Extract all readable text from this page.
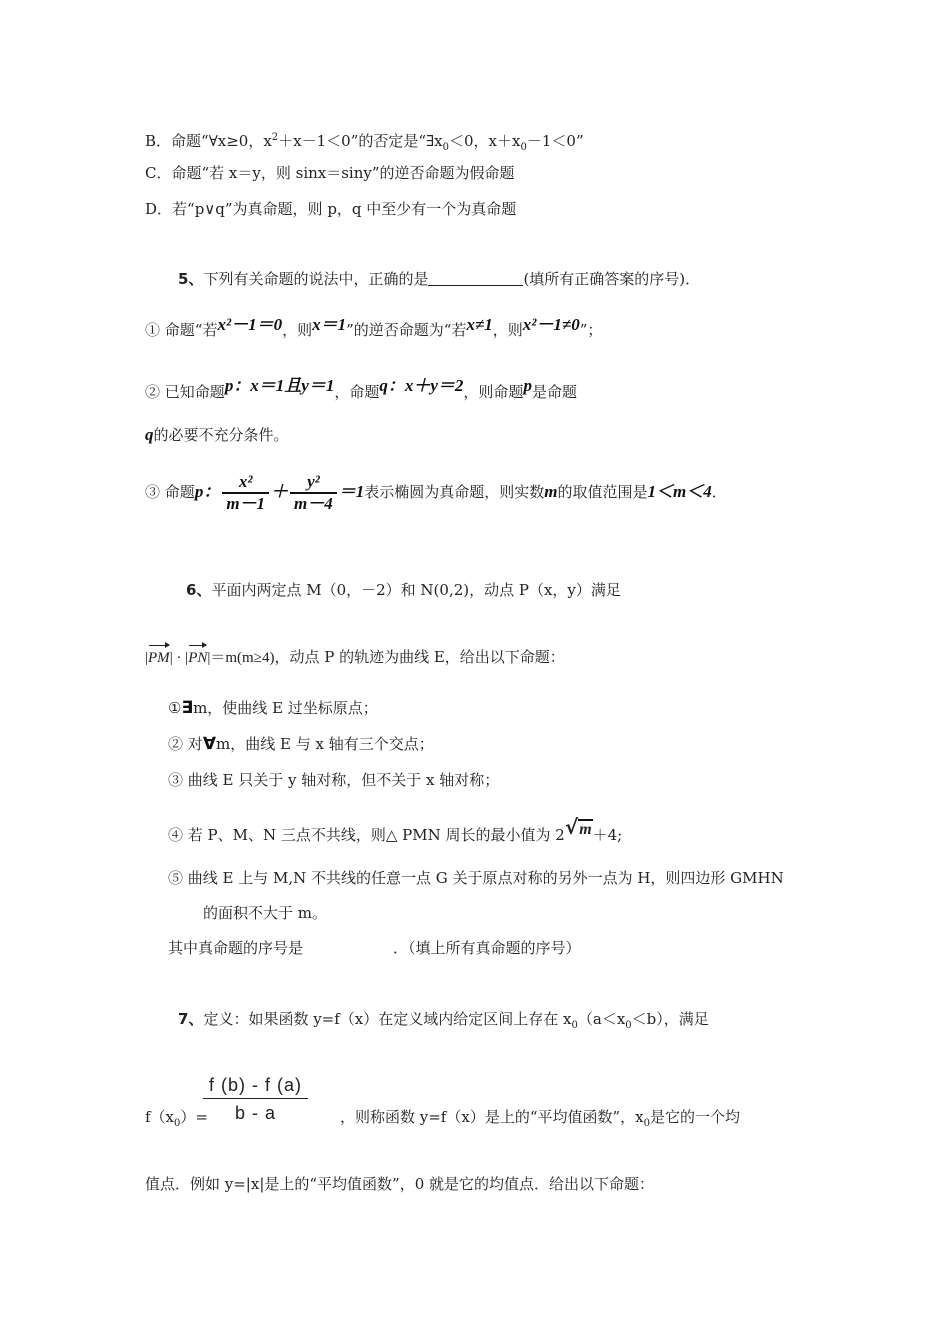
B．命题“∀x≥0，$x^2+x-1<0$”的否定是“$\exists x_0<0$，$x+x_0-1<0$”
C．命题“若 x＝y，则 sinx＝siny”的逆否命题为假命题
D．若“p∨q”为真命题，则 p，q 中至少有一个为真命题
5、下列有关命题的说法中，正确的是	(填所有正确答案的序号)．
① 命题“若x²－1＝0，则x＝1”的逆否命题为“若x≠1，则x²－1≠0”；
② 已知命题p：x＝1且y＝1，命题q：x＋y＝2，则命题p是命题
q的必要不充分条件。
③ 命题p： $\frac{\text{x²}}{m-1} + \frac{\text{y²}}{m-4} =1$表示椭圆为真命题，则实数m的取值范围是1＜m＜4．
6、平面内两定点 M（0，－2）和 N(0,2)，动点 P（x，y）满足
|PM| · |PN|＝m(m≥4)，动点 P 的轨迹为曲线 E，给出以下命题：
①∃m，使曲线 E 过坐标原点；
② 对∀m，曲线 E 与 x 轴有三个交点；
③ 曲线 E 只关于 y 轴对称，但不关于 x 轴对称；
④ 若 P、M、N 三点不共线，则△ PMN 周长的最小值为 2√m＋4;
⑤ 曲线 E 上与 M,N 不共线的任意一点 G 关于原点对称的另外一点为 H，则四边形 GMHN
的面积不大于 m。
其中真命题的序号是	．（填上所有真命题的序号）
7、定义：如果函数 y=f（x）在定义域内给定区间上存在 $x_0(a<x_0<b)$，满足
$\frac{f (b) - f (a)}{b - a}$
$f(x_0)=$	，则称函数 y=f（x）是上的“平均值函数”，$x_0$是它的一个均
值点．例如 y=|x|是上的“平均值函数”，0 就是它的均值点．给出以下命题：
